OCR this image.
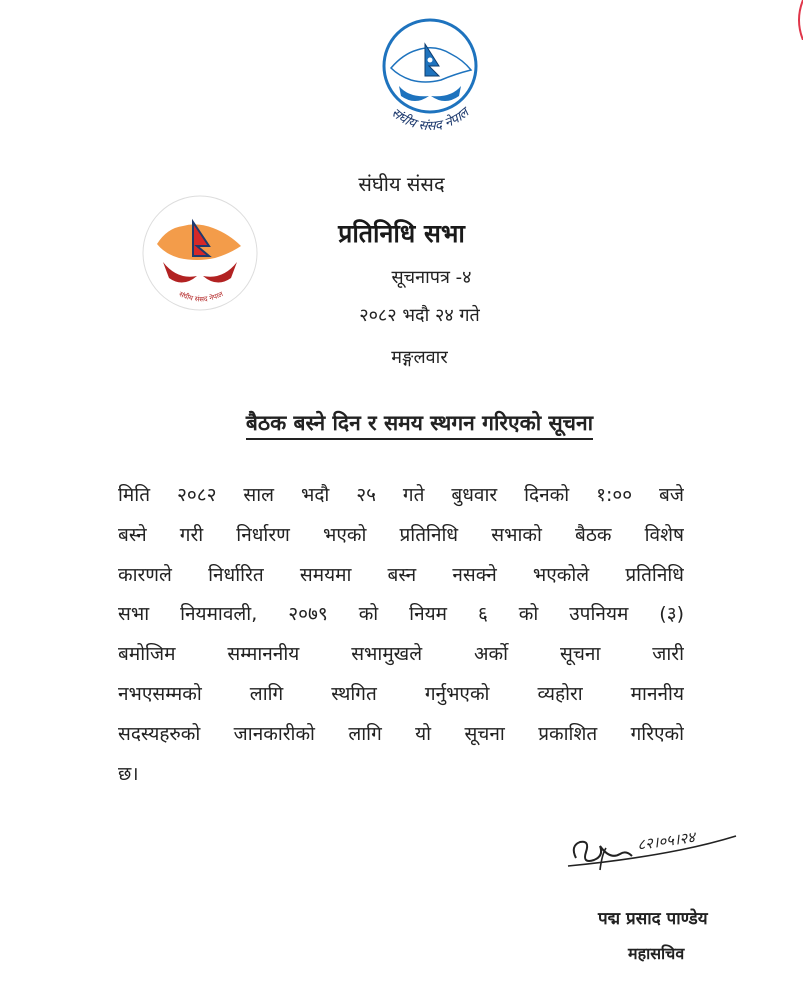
संघीय संसद नेपाल
संघीय संसद नेपाल
संघीय संसद
प्रतिनिधि सभा
सूचनापत्र -४
२०८२ भदौ २४ गते
मङ्गलवार
बैठक बस्ने दिन र समय स्थगन गरिएको सूचना
मिति २०८२ साल भदौ २५ गते बुधवार दिनको १:०० बजे
बस्ने गरी निर्धारण भएको प्रतिनिधि सभाको बैठक विशेष
कारणले निर्धारित समयमा बस्न नसक्ने भएकोले प्रतिनिधि
सभा नियमावली, २०७९ को नियम ६ को उपनियम (३)
बमोजिम सम्माननीय सभामुखले अर्को सूचना जारी
नभएसम्मको लागि स्थगित गर्नुभएको व्यहोरा माननीय
सदस्यहरुको जानकारीको लागि यो सूचना प्रकाशित गरिएको
छ।
८२।०५।२४
पद्म प्रसाद पाण्डेय
महासचिव
